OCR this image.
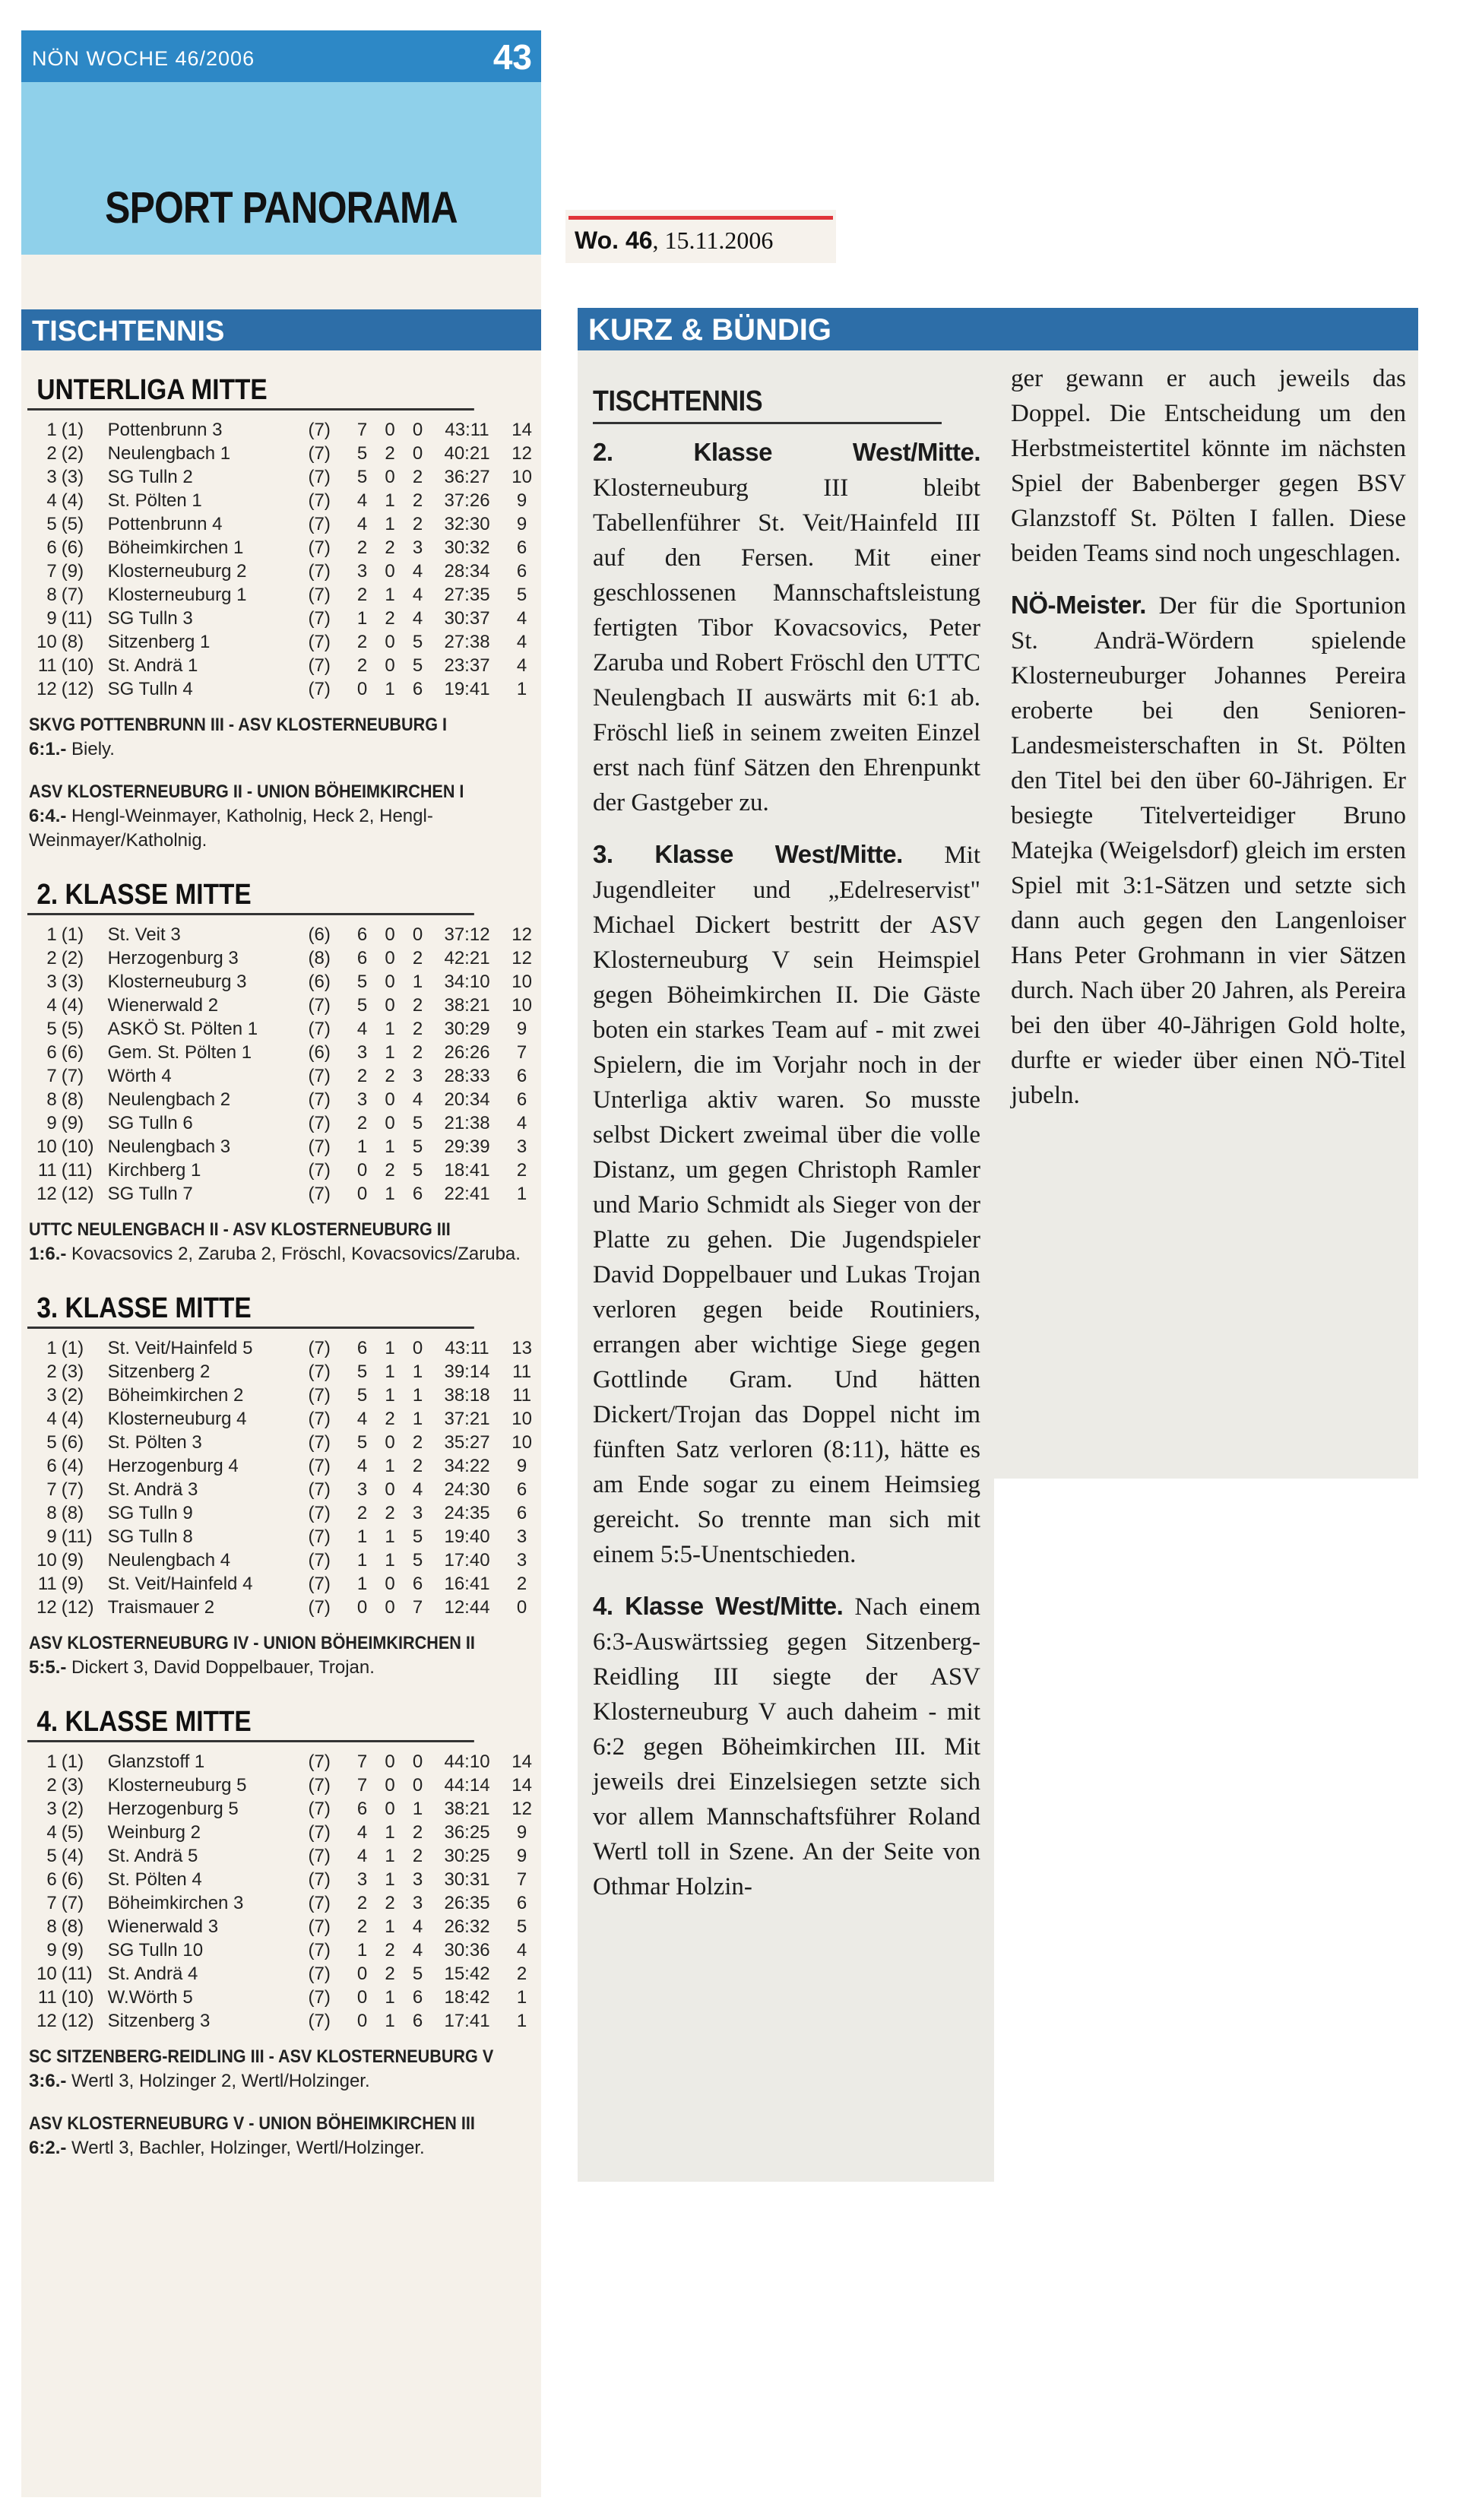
NÖN WOCHE 46/2006	43
SPORT PANORAMA
TISCHTENNIS
UNTERLIGA MITTE
1	(1)	Pottenbrunn 3	(7)	7	0	0	43:11	14
2	(2)	Neulengbach 1	(7)	5	2	0	40:21	12
3	(3)	SG Tulln 2	(7)	5	0	2	36:27	10
4	(4)	St. Pölten 1	(7)	4	1	2	37:26	9
5	(5)	Pottenbrunn 4	(7)	4	1	2	32:30	9
6	(6)	Böheimkirchen 1	(7)	2	2	3	30:32	6
7	(9)	Klosterneuburg 2	(7)	3	0	4	28:34	6
8	(7)	Klosterneuburg 1	(7)	2	1	4	27:35	5
9	(11)	SG Tulln 3	(7)	1	2	4	30:37	4
10	(8)	Sitzenberg 1	(7)	2	0	5	27:38	4
11	(10)	St. Andrä 1	(7)	2	0	5	23:37	4
12	(12)	SG Tulln 4	(7)	0	1	6	19:41	1
SKVG POTTENBRUNN III - ASV KLOSTERNEUBURG I
6:1.- Biely.
ASV KLOSTERNEUBURG II - UNION BÖHEIMKIRCHEN I
6:4.- Hengl-Weinmayer, Katholnig, Heck 2, Hengl-Weinmayer/Katholnig.
2. KLASSE MITTE
1	(1)	St. Veit 3	(6)	6	0	0	37:12	12
2	(2)	Herzogenburg 3	(8)	6	0	2	42:21	12
3	(3)	Klosterneuburg 3	(6)	5	0	1	34:10	10
4	(4)	Wienerwald 2	(7)	5	0	2	38:21	10
5	(5)	ASKÖ St. Pölten 1	(7)	4	1	2	30:29	9
6	(6)	Gem. St. Pölten 1	(6)	3	1	2	26:26	7
7	(7)	Wörth 4	(7)	2	2	3	28:33	6
8	(8)	Neulengbach 2	(7)	3	0	4	20:34	6
9	(9)	SG Tulln 6	(7)	2	0	5	21:38	4
10	(10)	Neulengbach 3	(7)	1	1	5	29:39	3
11	(11)	Kirchberg 1	(7)	0	2	5	18:41	2
12	(12)	SG Tulln 7	(7)	0	1	6	22:41	1
UTTC NEULENGBACH II - ASV KLOSTERNEUBURG III
1:6.- Kovacsovics 2, Zaruba 2, Fröschl, Kovacsovics/Zaruba.
3. KLASSE MITTE
1	(1)	St. Veit/Hainfeld 5	(7)	6	1	0	43:11	13
2	(3)	Sitzenberg 2	(7)	5	1	1	39:14	11
3	(2)	Böheimkirchen 2	(7)	5	1	1	38:18	11
4	(4)	Klosterneuburg 4	(7)	4	2	1	37:21	10
5	(6)	St. Pölten 3	(7)	5	0	2	35:27	10
6	(4)	Herzogenburg 4	(7)	4	1	2	34:22	9
7	(7)	St. Andrä 3	(7)	3	0	4	24:30	6
8	(8)	SG Tulln 9	(7)	2	2	3	24:35	6
9	(11)	SG Tulln 8	(7)	1	1	5	19:40	3
10	(9)	Neulengbach 4	(7)	1	1	5	17:40	3
11	(9)	St. Veit/Hainfeld 4	(7)	1	0	6	16:41	2
12	(12)	Traismauer 2	(7)	0	0	7	12:44	0
ASV KLOSTERNEUBURG IV - UNION BÖHEIMKIRCHEN II
5:5.- Dickert 3, David Doppelbauer, Trojan.
4. KLASSE MITTE
1	(1)	Glanzstoff 1	(7)	7	0	0	44:10	14
2	(3)	Klosterneuburg 5	(7)	7	0	0	44:14	14
3	(2)	Herzogenburg 5	(7)	6	0	1	38:21	12
4	(5)	Weinburg 2	(7)	4	1	2	36:25	9
5	(4)	St. Andrä 5	(7)	4	1	2	30:25	9
6	(6)	St. Pölten 4	(7)	3	1	3	30:31	7
7	(7)	Böheimkirchen 3	(7)	2	2	3	26:35	6
8	(8)	Wienerwald 3	(7)	2	1	4	26:32	5
9	(9)	SG Tulln 10	(7)	1	2	4	30:36	4
10	(11)	St. Andrä 4	(7)	0	2	5	15:42	2
11	(10)	W.Wörth 5	(7)	0	1	6	18:42	1
12	(12)	Sitzenberg 3	(7)	0	1	6	17:41	1
SC SITZENBERG-REIDLING III - ASV KLOSTERNEUBURG V
3:6.- Wertl 3, Holzinger 2, Wertl/Holzinger.
ASV KLOSTERNEUBURG V - UNION BÖHEIMKIRCHEN III
6:2.- Wertl 3, Bachler, Holzinger, Wertl/Holzinger.
Wo. 46, 15.11.2006
KURZ & BÜNDIG
TISCHTENNIS

2. Klasse West/Mitte. Klosterneuburg III bleibt Tabellenführer St. Veit/Hainfeld III auf den Fersen. Mit einer geschlossenen Mannschaftsleistung fertigten Tibor Kovacsovics, Peter Zaruba und Robert Fröschl den UTTC Neulengbach II auswärts mit 6:1 ab. Fröschl ließ in seinem zweiten Einzel erst nach fünf Sätzen den Ehrenpunkt der Gastgeber zu.

3. Klasse West/Mitte. Mit Jugendleiter und „Edelreservist" Michael Dickert bestritt der ASV Klosterneuburg V sein Heimspiel gegen Böheimkirchen II. Die Gäste boten ein starkes Team auf - mit zwei Spielern, die im Vorjahr noch in der Unterliga aktiv waren. So musste selbst Dickert zweimal über die volle Distanz, um gegen Christoph Ramler und Mario Schmidt als Sieger von der Platte zu gehen. Die Jugendspieler David Doppelbauer und Lukas Trojan verloren gegen beide Routiniers, errangen aber wichtige Siege gegen Gottlinde Gram. Und hätten Dickert/Trojan das Doppel nicht im fünften Satz verloren (8:11), hätte es am Ende sogar zu einem Heimsieg gereicht. So trennte man sich mit einem 5:5-Unentschieden.

4. Klasse West/Mitte. Nach einem 6:3-Auswärtssieg gegen Sitzenberg-Reidling III siegte der ASV Klosterneuburg V auch daheim - mit 6:2 gegen Böheimkirchen III. Mit jeweils drei Einzelsiegen setzte sich vor allem Mannschaftsführer Roland Wertl toll in Szene. An der Seite von Othmar Holzin-

ger gewann er auch jeweils das Doppel. Die Entscheidung um den Herbstmeistertitel könnte im nächsten Spiel der Babenberger gegen BSV Glanzstoff St. Pölten I fallen. Diese beiden Teams sind noch ungeschlagen.

NÖ-Meister. Der für die Sportunion St. Andrä-Wördern spielende Klosterneuburger Johannes Pereira eroberte bei den Senioren-Landesmeisterschaften in St. Pölten den Titel bei den über 60-Jährigen. Er besiegte Titelverteidiger Bruno Matejka (Weigelsdorf) gleich im ersten Spiel mit 3:1-Sätzen und setzte sich dann auch gegen den Langenloiser Hans Peter Grohmann in vier Sätzen durch. Nach über 20 Jahren, als Pereira bei den über 40-Jährigen Gold holte, durfte er wieder über einen NÖ-Titel jubeln.
